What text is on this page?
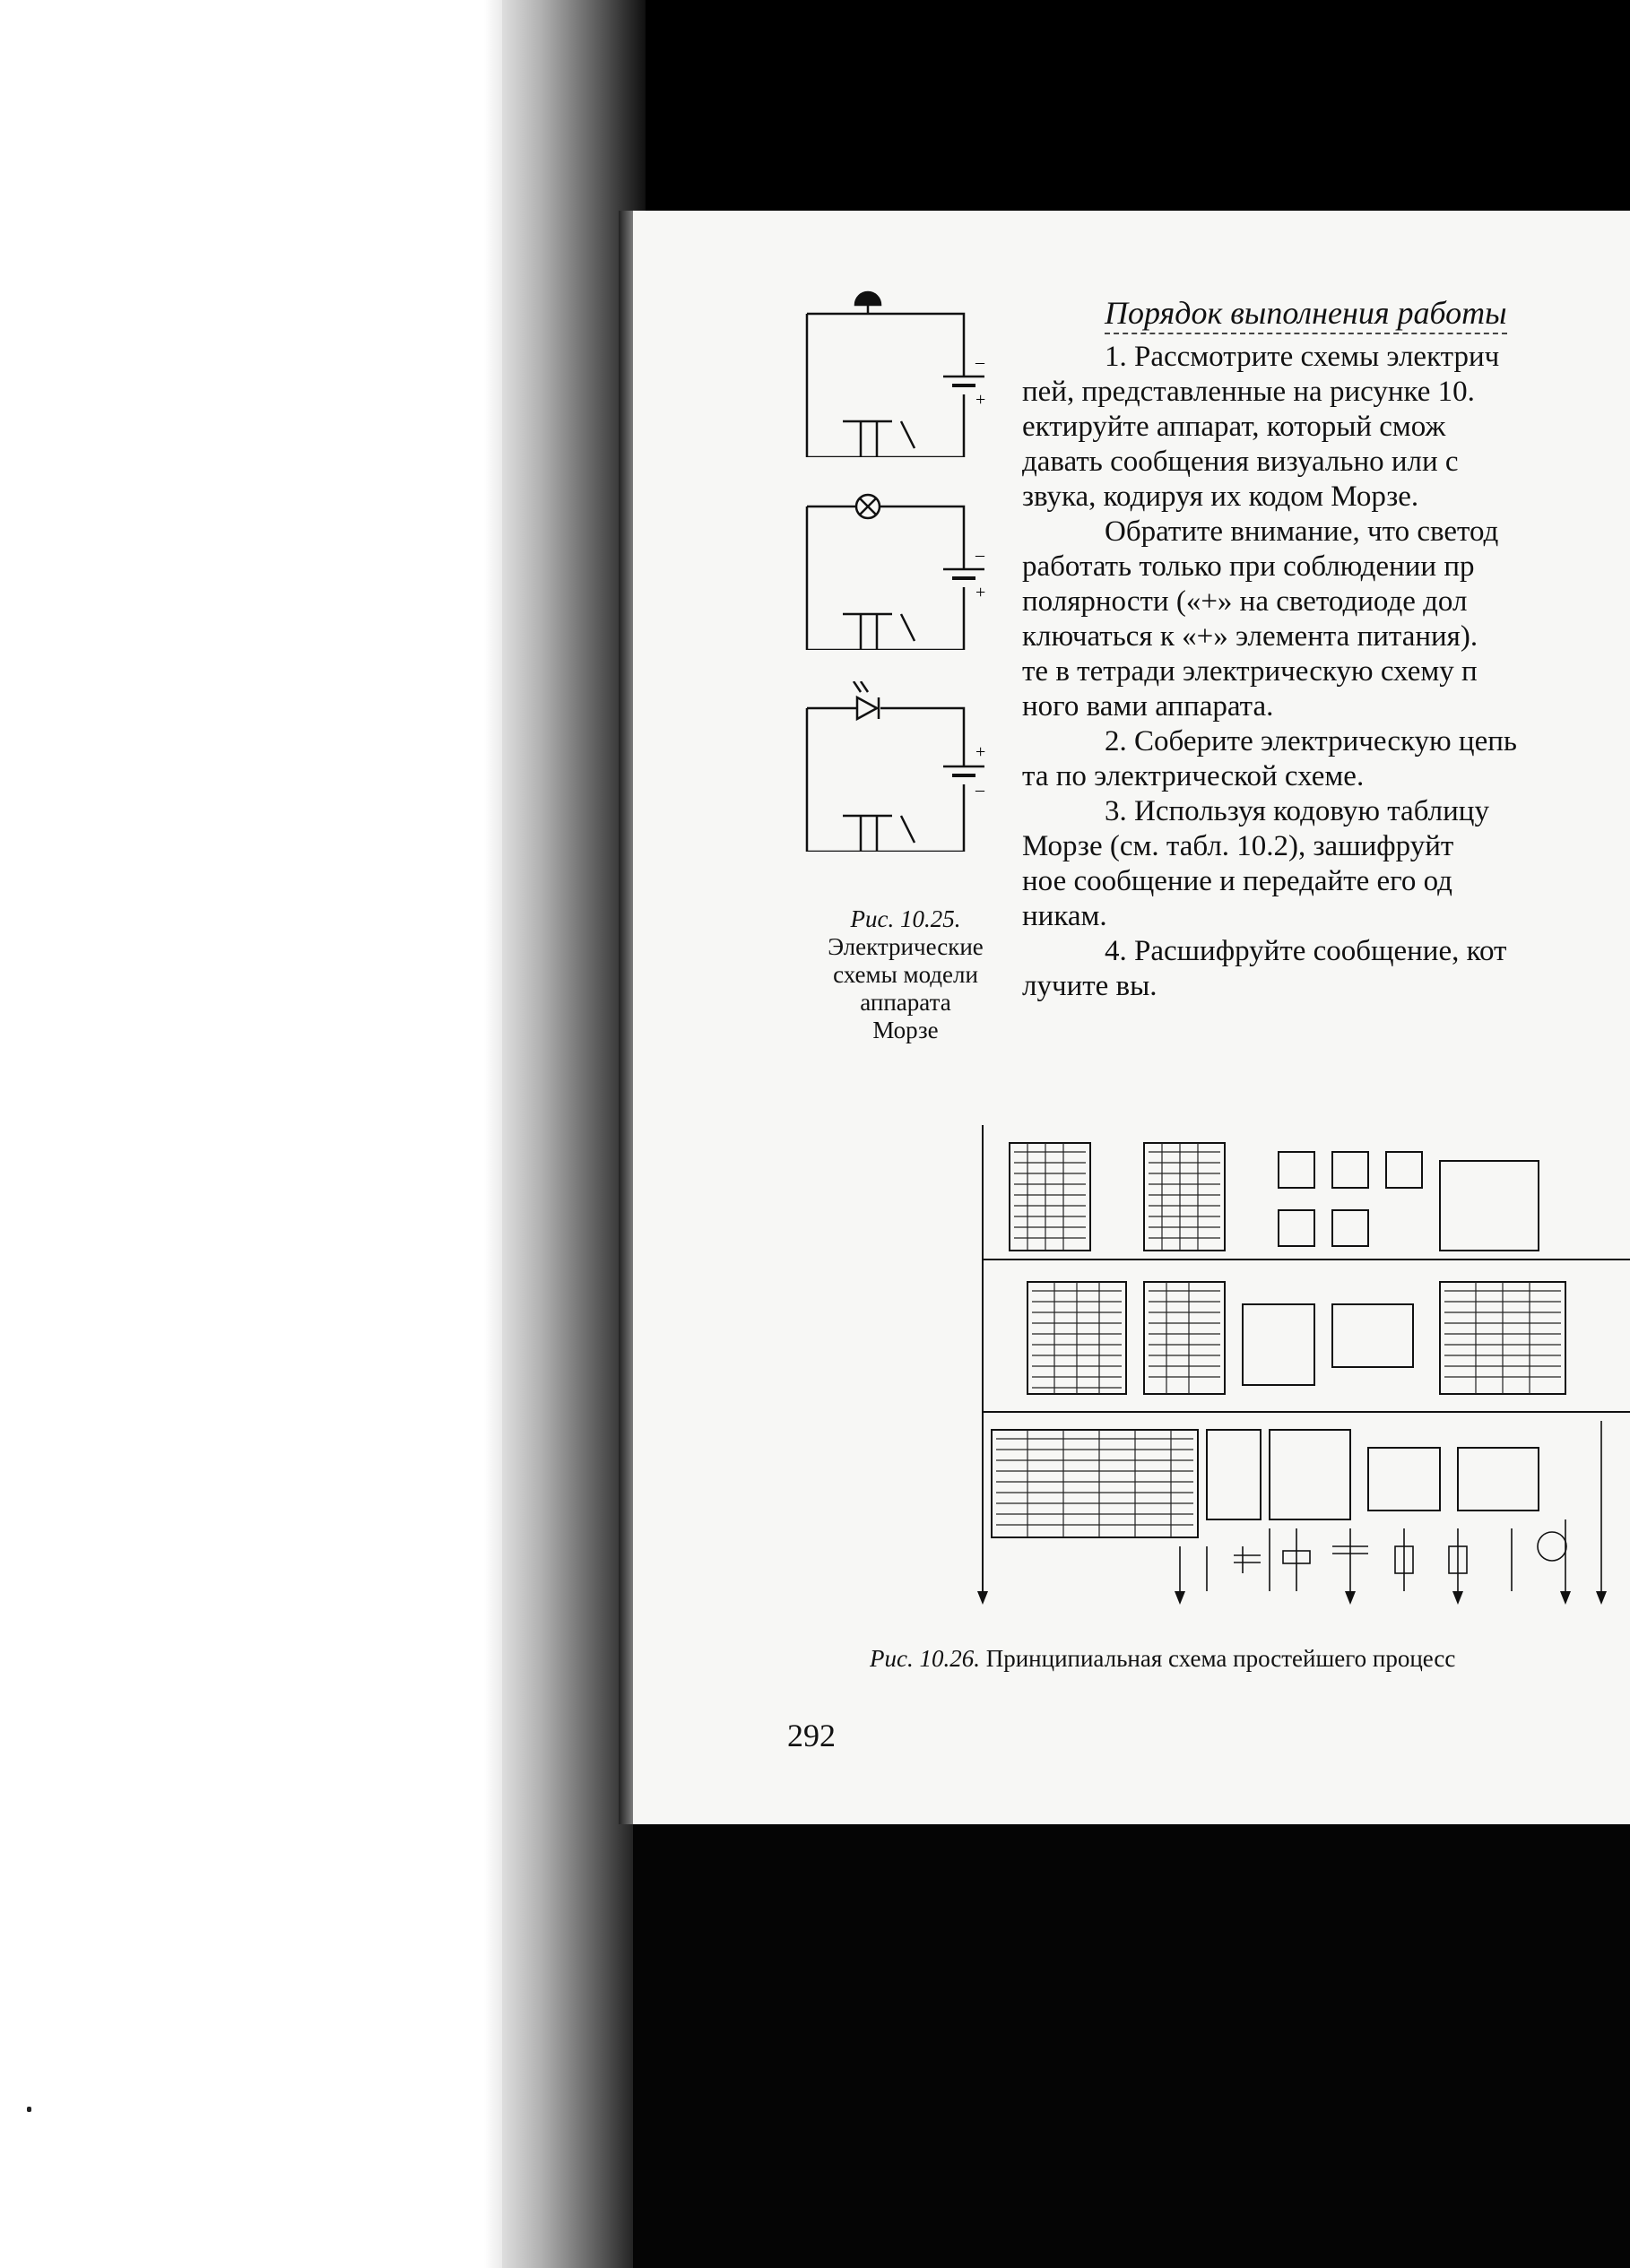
–
+
–
+
+
–
Рис. 10.25.
Электрические
схемы модели
аппарата
Морзе
Порядок выполнения работы

1. Рассмотрите схемы электрич
пей, представленные на рисунке 10.
ектируйте аппарат, который смож
давать сообщения визуально или с
звука, кодируя их кодом Морзе.

Обратите внимание, что светод
работать только при соблюдении пр
полярности («+» на светодиоде дол
ключаться к «+» элемента питания).
те в тетради электрическую схему п
ного вами аппарата.

2. Соберите электрическую цепь
та по электрической схеме.

3. Используя кодовую таблицу
Морзе (см. табл. 10.2), зашифруйт
ное сообщение и передайте его од
никам.

4. Расшифруйте сообщение, кот
лучите вы.

Рис. 10.26. Принципиальная схема простейшего процесс
292
